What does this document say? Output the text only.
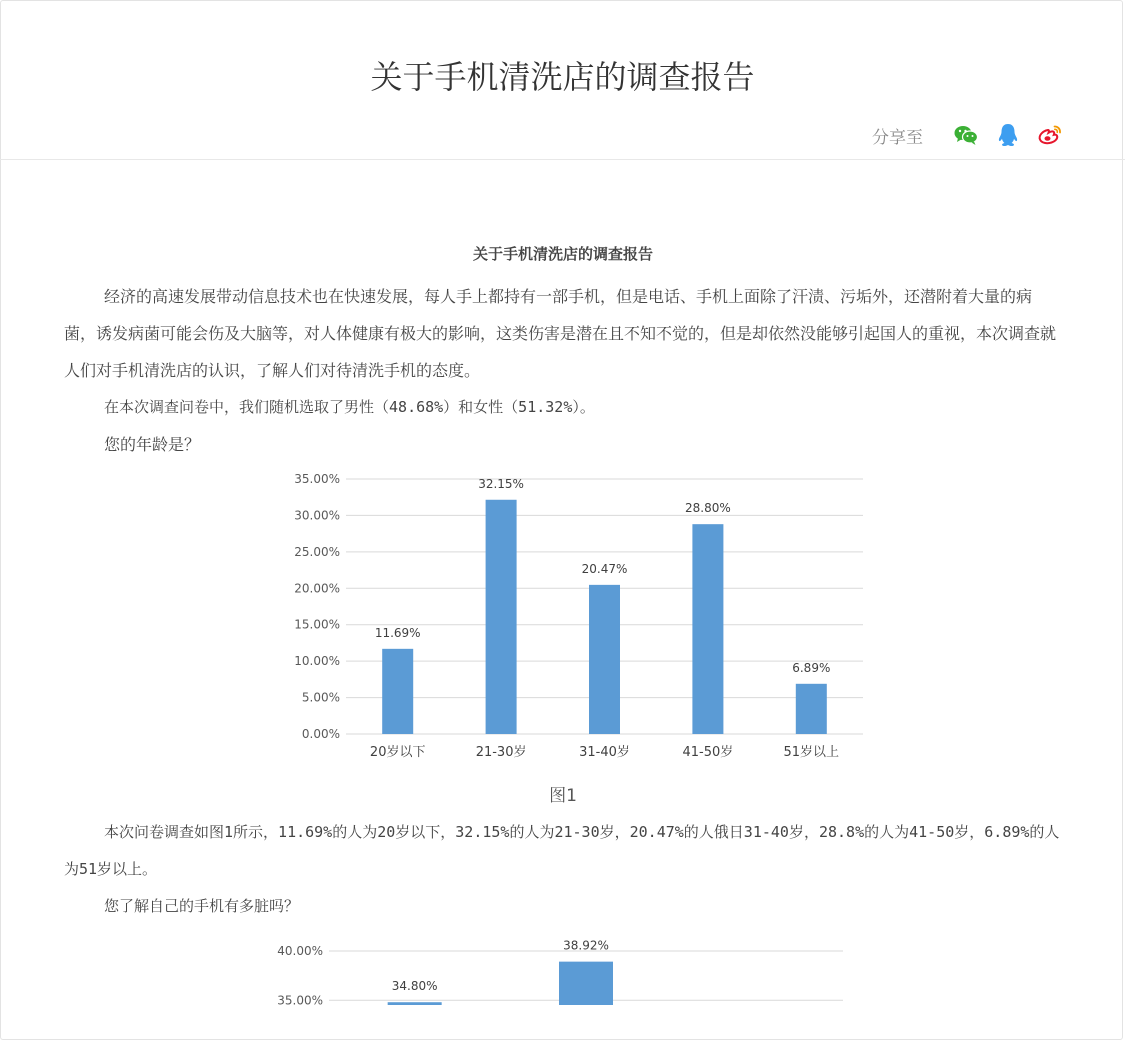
关于手机清洗店的调查报告
分享至
关于手机清洗店的调查报告

经济的高速发展带动信息技术也在快速发展，每人手上都持有一部手机，但是电话、手机上面除了汗渍、污垢外，还潜附着大量的病菌，诱发病菌可能会伤及大脑等，对人体健康有极大的影响，这类伤害是潜在且不知不觉的，但是却依然没能够引起国人的重视，本次调查就人们对手机清洗店的认识，了解人们对待清洗手机的态度。

在本次调查问卷中，我们随机选取了男性（48.68%）和女性（51.32%）。

您的年龄是？

0.00%
5.00%
10.00%
15.00%
20.00%
25.00%
30.00%
35.00%
11.69%
20岁以下
32.15%
21-30岁
20.47%
31-40岁
28.80%
41-50岁
6.89%
51岁以上
图1

本次问卷调查如图1所示，11.69%的人为20岁以下，32.15%的人为21-30岁，20.47%的人俄日31-40岁，28.8%的人为41-50岁，6.89%的人为51岁以上。

您了解自己的手机有多脏吗？

35.00%
40.00%
34.80%
38.92%
